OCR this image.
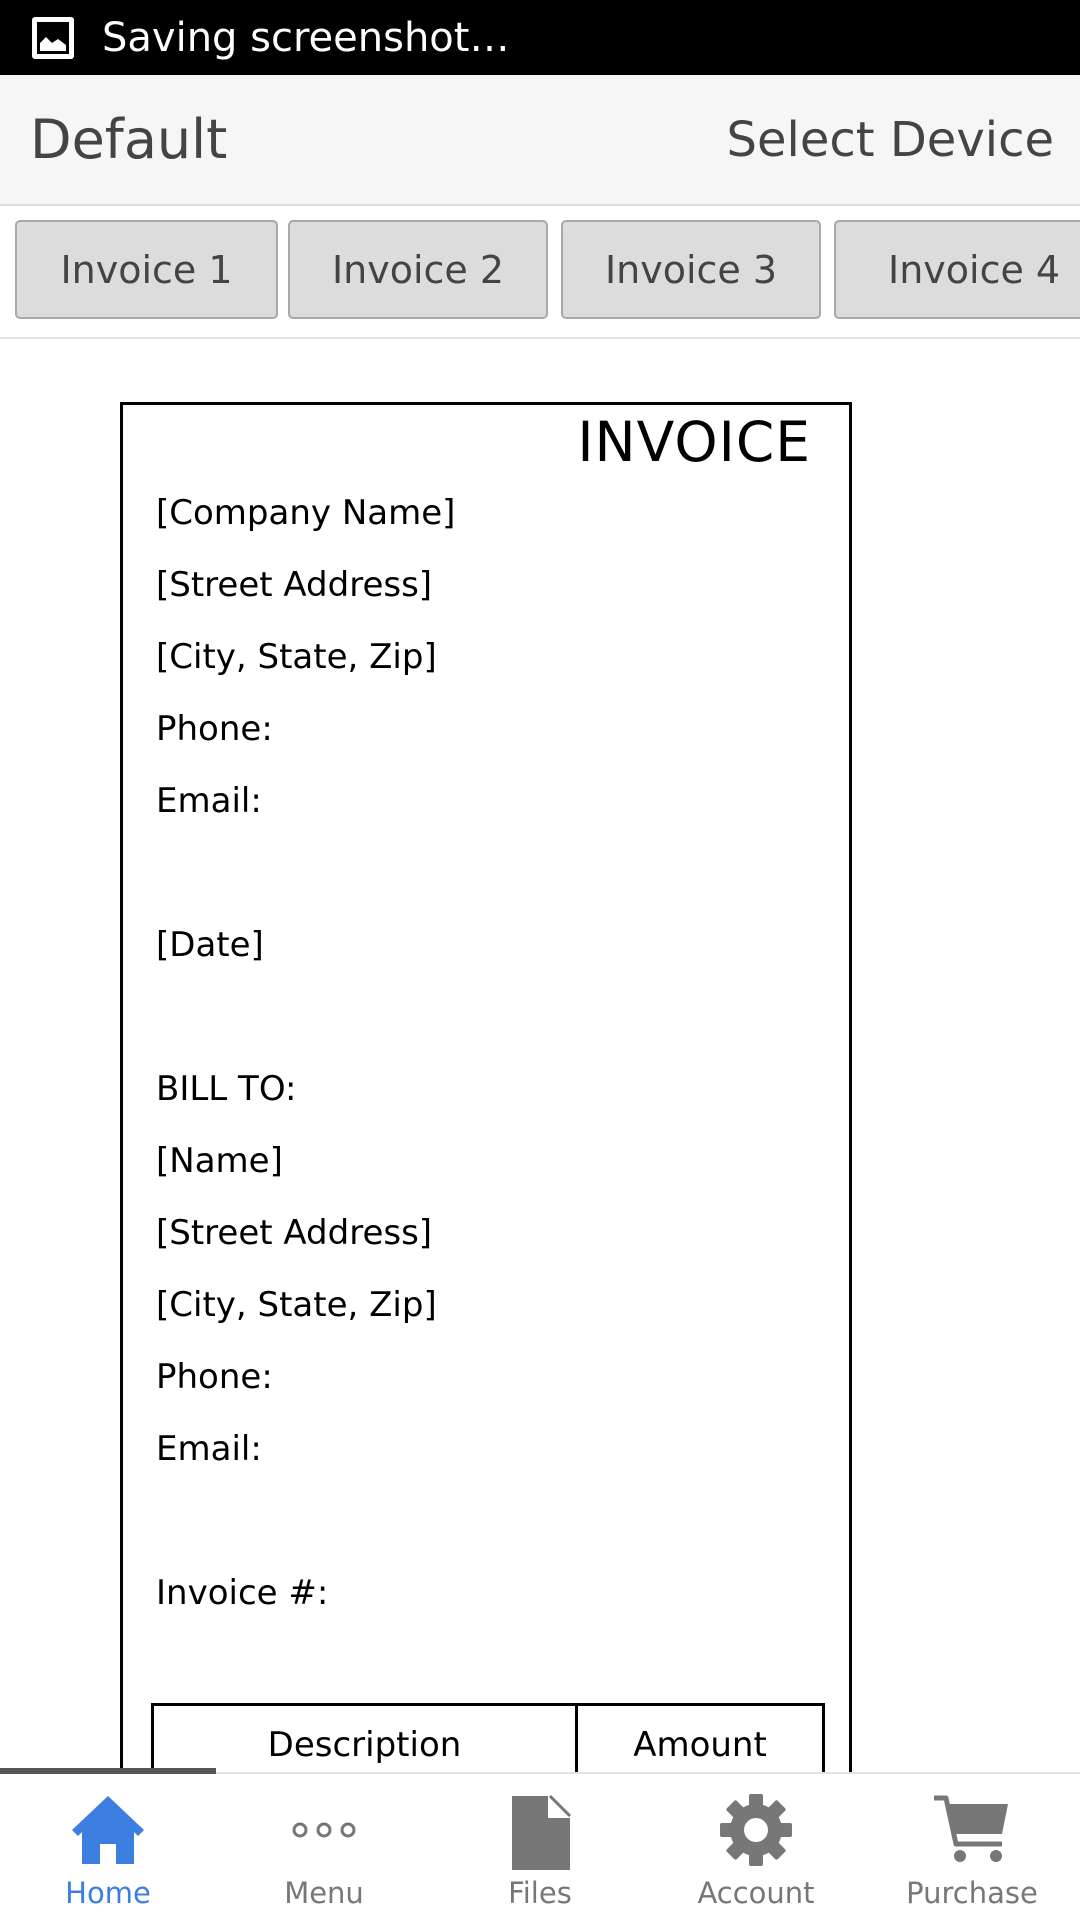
Saving screenshot…
Default	Select Device
Invoice 1	Invoice 2	Invoice 3	Invoice 4
INVOICE
[Company Name]
[Street Address]
[City, State, Zip]
Phone:
Email:
[Date]
BILL TO:
[Name]
[Street Address]
[City, State, Zip]
Phone:
Email:
Invoice #:
Description	Amount
Home	Menu	Files	Account	Purchase
